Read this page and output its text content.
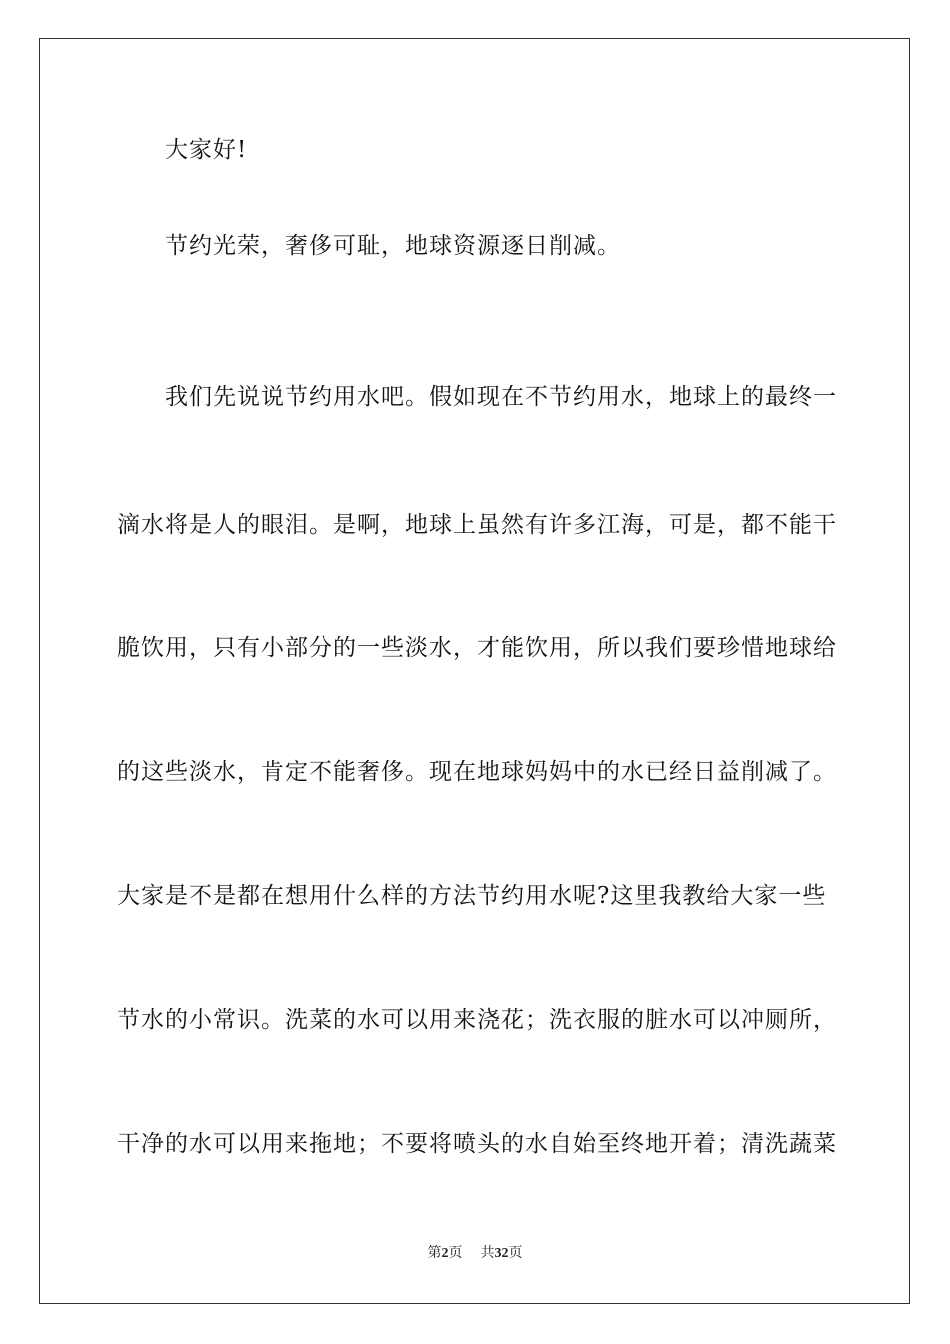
大家好!
节约光荣，奢侈可耻，地球资源逐日削减。
我们先说说节约用水吧。假如现在不节约用水，地球上的最终一
滴水将是人的眼泪。是啊，地球上虽然有许多江海，可是，都不能干
脆饮用，只有小部分的一些淡水，才能饮用，所以我们要珍惜地球给
的这些淡水，肯定不能奢侈。现在地球妈妈中的水已经日益削减了。
大家是不是都在想用什么样的方法节约用水呢?这里我教给大家一些
节水的小常识。洗菜的水可以用来浇花；洗衣服的脏水可以冲厕所，
干净的水可以用来拖地；不要将喷头的水自始至终地开着；清洗蔬菜
第2页 共32页
